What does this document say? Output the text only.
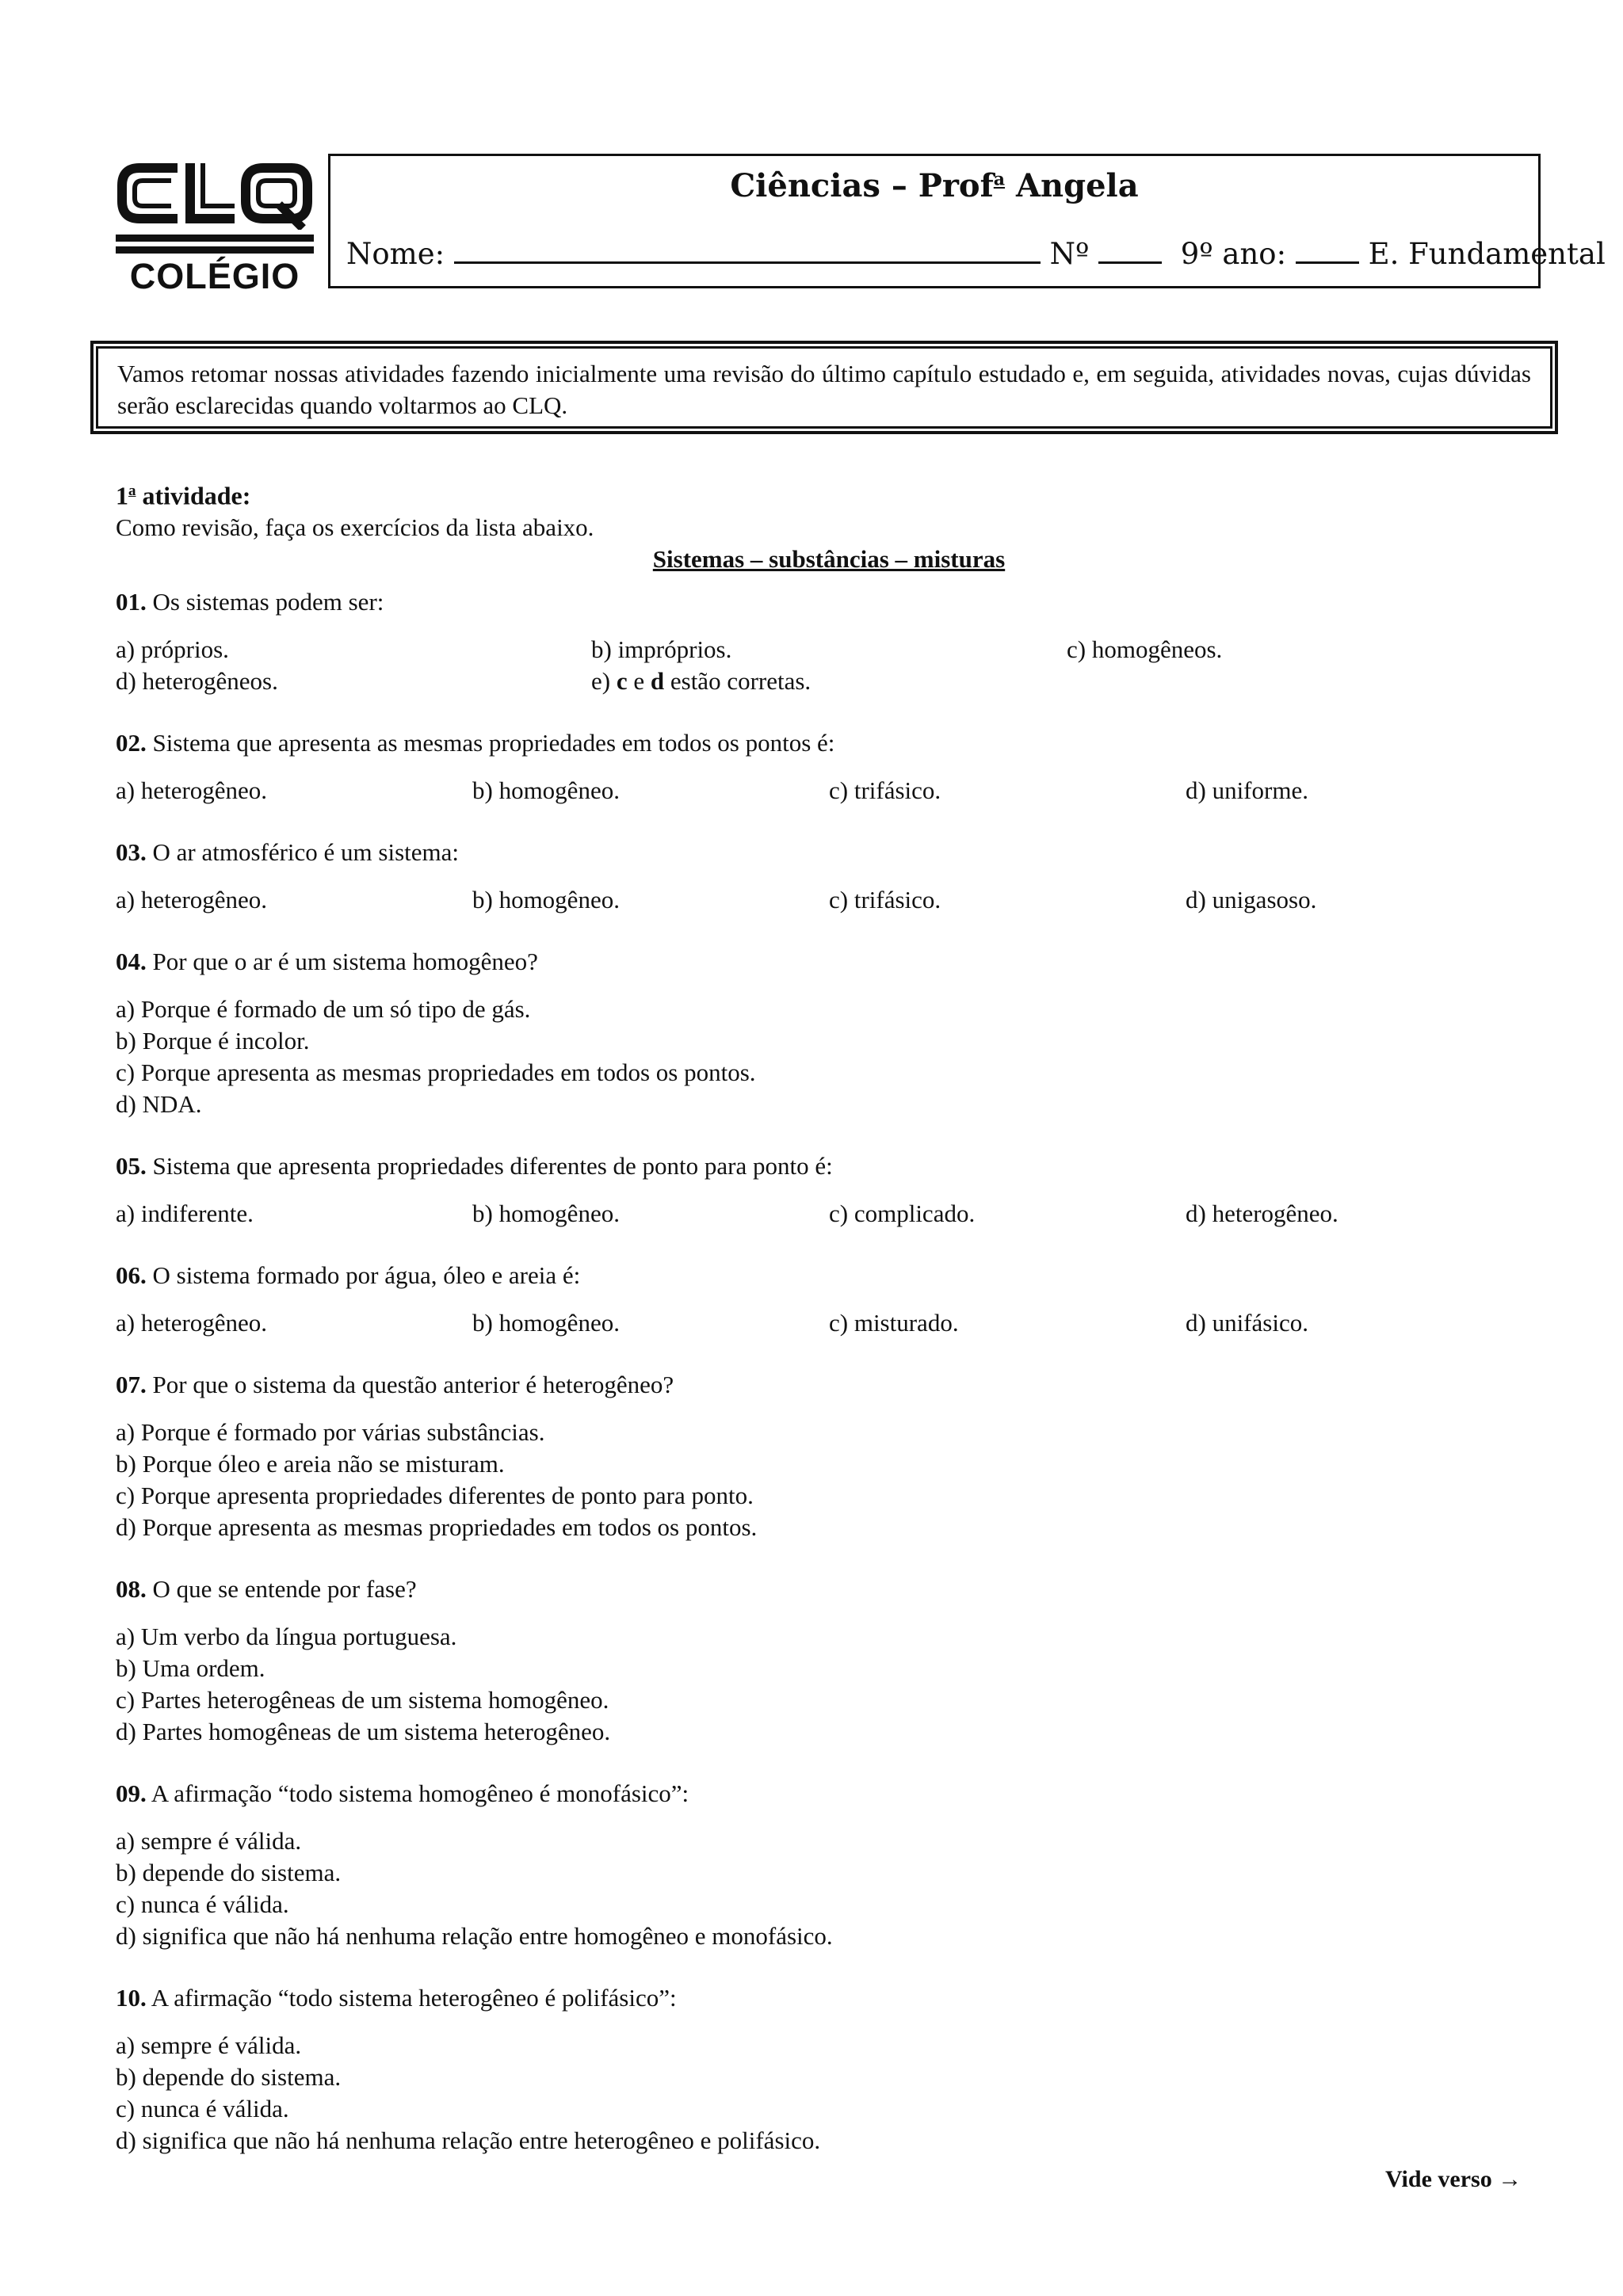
COLÉGIO
Ciências – Prof$^a$ Angela
Nome:	Nº	9º ano:	E. Fundamental
Vamos retomar nossas atividades fazendo inicialmente uma revisão do último capítulo estudado e, em seguida, atividades novas, cujas dúvidas serão esclarecidas quando voltarmos ao CLQ.

1$^a$ atividade:

Como revisão, faça os exercícios da lista abaixo.

Sistemas – substâncias – misturas

01. Os sistemas podem ser:

a) próprios.	b) impróprios.	c) homogêneos.
d) heterogêneos.	e) c e d estão corretas.

02. Sistema que apresenta as mesmas propriedades em todos os pontos é:

a) heterogêneo.	b) homogêneo.	c) trifásico.	d) uniforme.

03. O ar atmosférico é um sistema:

a) heterogêneo.	b) homogêneo.	c) trifásico.	d) unigasoso.

04. Por que o ar é um sistema homogêneo?

a) Porque é formado de um só tipo de gás.
b) Porque é incolor.
c) Porque apresenta as mesmas propriedades em todos os pontos.
d) NDA.

05. Sistema que apresenta propriedades diferentes de ponto para ponto é:

a) indiferente.	b) homogêneo.	c) complicado.	d) heterogêneo.

06. O sistema formado por água, óleo e areia é:

a) heterogêneo.	b) homogêneo.	c) misturado.	d) unifásico.

07. Por que o sistema da questão anterior é heterogêneo?

a) Porque é formado por várias substâncias.
b) Porque óleo e areia não se misturam.
c) Porque apresenta propriedades diferentes de ponto para ponto.
d) Porque apresenta as mesmas propriedades em todos os pontos.

08. O que se entende por fase?

a) Um verbo da língua portuguesa.
b) Uma ordem.
c) Partes heterogêneas de um sistema homogêneo.
d) Partes homogêneas de um sistema heterogêneo.

09. A afirmação “todo sistema homogêneo é monofásico”:

a) sempre é válida.
b) depende do sistema.
c) nunca é válida.
d) significa que não há nenhuma relação entre homogêneo e monofásico.

10. A afirmação “todo sistema heterogêneo é polifásico”:

a) sempre é válida.
b) depende do sistema.
c) nunca é válida.
d) significa que não há nenhuma relação entre heterogêneo e polifásico.
Vide verso →
